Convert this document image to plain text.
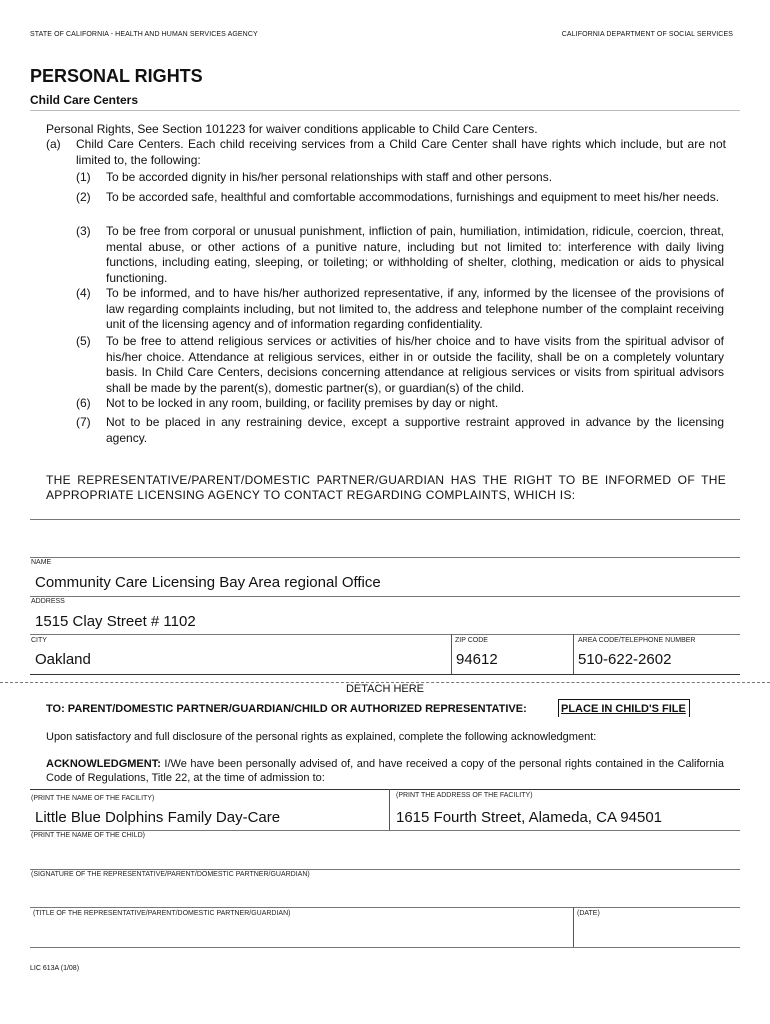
STATE OF CALIFORNIA - HEALTH AND HUMAN SERVICES AGENCY	CALIFORNIA DEPARTMENT OF SOCIAL SERVICES
PERSONAL RIGHTS
Child Care Centers
Personal Rights, See Section 101223 for waiver conditions applicable to Child Care Centers.
(a) Child Care Centers. Each child receiving services from a Child Care Center shall have rights which include, but are not limited to, the following:
(1) To be accorded dignity in his/her personal relationships with staff and other persons.
(2) To be accorded safe, healthful and comfortable accommodations, furnishings and equipment to meet his/her needs.
(3) To be free from corporal or unusual punishment, infliction of pain, humiliation, intimidation, ridicule, coercion, threat, mental abuse, or other actions of a punitive nature, including but not limited to: interference with daily living functions, including eating, sleeping, or toileting; or withholding of shelter, clothing, medication or aids to physical functioning.
(4) To be informed, and to have his/her authorized representative, if any, informed by the licensee of the provisions of law regarding complaints including, but not limited to, the address and telephone number of the complaint receiving unit of the licensing agency and of information regarding confidentiality.
(5) To be free to attend religious services or activities of his/her choice and to have visits from the spiritual advisor of his/her choice. Attendance at religious services, either in or outside the facility, shall be on a completely voluntary basis. In Child Care Centers, decisions concerning attendance at religious services or visits from spiritual advisors shall be made by the parent(s), domestic partner(s), or guardian(s) of the child.
(6) Not to be locked in any room, building, or facility premises by day or night.
(7) Not to be placed in any restraining device, except a supportive restraint approved in advance by the licensing agency.
THE REPRESENTATIVE/PARENT/DOMESTIC PARTNER/GUARDIAN HAS THE RIGHT TO BE INFORMED OF THE APPROPRIATE LICENSING AGENCY TO CONTACT REGARDING COMPLAINTS, WHICH IS:
NAME
Community Care Licensing Bay Area regional Office
ADDRESS
1515 Clay Street # 1102
CITY	ZIP CODE	AREA CODE/TELEPHONE NUMBER
Oakland	94612	510-622-2602
DETACH HERE
TO: PARENT/DOMESTIC PARTNER/GUARDIAN/CHILD OR AUTHORIZED REPRESENTATIVE:	PLACE IN CHILD'S FILE
Upon satisfactory and full disclosure of the personal rights as explained, complete the following acknowledgment:
ACKNOWLEDGMENT: I/We have been personally advised of, and have received a copy of the personal rights contained in the California Code of Regulations, Title 22, at the time of admission to:
(PRINT THE NAME OF THE FACILITY)	(PRINT THE ADDRESS OF THE FACILITY)
Little Blue Dolphins Family Day-Care	1615 Fourth Street, Alameda, CA 94501
(PRINT THE NAME OF THE CHILD)
(SIGNATURE OF THE REPRESENTATIVE/PARENT/DOMESTIC PARTNER/GUARDIAN)
(TITLE OF THE REPRESENTATIVE/PARENT/DOMESTIC PARTNER/GUARDIAN)	(DATE)
LIC 613A (1/08)
